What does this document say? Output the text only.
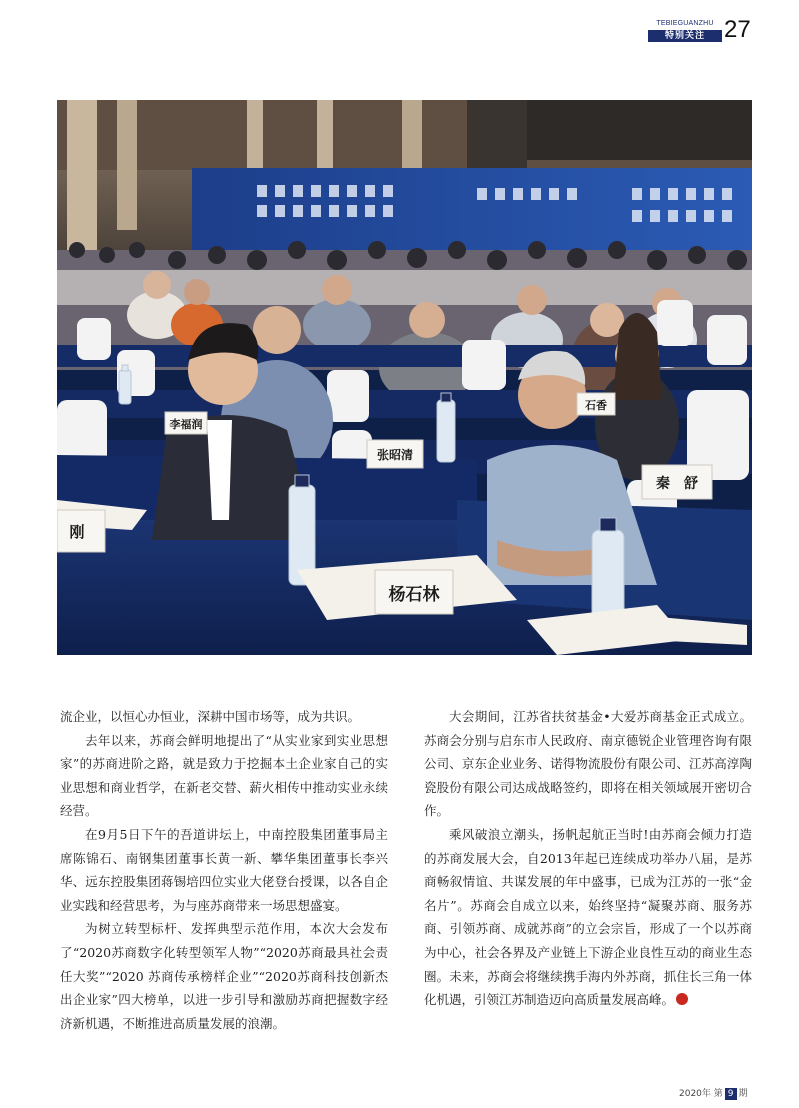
TEBIEGUANZHU
特别关注 27
李福润
张昭清
杨石林
秦　舒
刚
石香

流企业，以恒心办恒业，深耕中国市场等，成为共识。

去年以来，苏商会鲜明地提出了“从实业家到实业思想家”的苏商进阶之路，就是致力于挖掘本土企业家自己的实业思想和商业哲学，在新老交替、薪火相传中推动实业永续经营。

在9月5日下午的吾道讲坛上，中南控股集团董事局主席陈锦石、南钢集团董事长黄一新、攀华集团董事长李兴华、远东控股集团蒋锡培四位实业大佬登台授课，以各自企业实践和经营思考，为与座苏商带来一场思想盛宴。

为树立转型标杆、发挥典型示范作用，本次大会发布了“2020苏商数字化转型领军人物”“2020苏商最具社会责任大奖”“2020 苏商传承榜样企业”“2020苏商科技创新杰出企业家”四大榜单，以进一步引导和激励苏商把握数字经济新机遇，不断推进高质量发展的浪潮。

大会期间，江苏省扶贫基金•大爱苏商基金正式成立。苏商会分别与启东市人民政府、南京德锐企业管理咨询有限公司、京东企业业务、诺得物流股份有限公司、江苏高淳陶瓷股份有限公司达成战略签约，即将在相关领域展开密切合作。

乘风破浪立潮头，扬帆起航正当时!由苏商会倾力打造的苏商发展大会，自2013年起已连续成功举办八届，是苏商畅叙情谊、共谋发展的年中盛事，已成为江苏的一张“金名片”。苏商会自成立以来，始终坚持“凝聚苏商、服务苏商、引领苏商、成就苏商”的立会宗旨，形成了一个以苏商为中心，社会各界及产业链上下游企业良性互动的商业生态圈。未来，苏商会将继续携手海内外苏商，抓住长三角一体化机遇，引领江苏制造迈向高质量发展高峰。

2020年 第 9 期
